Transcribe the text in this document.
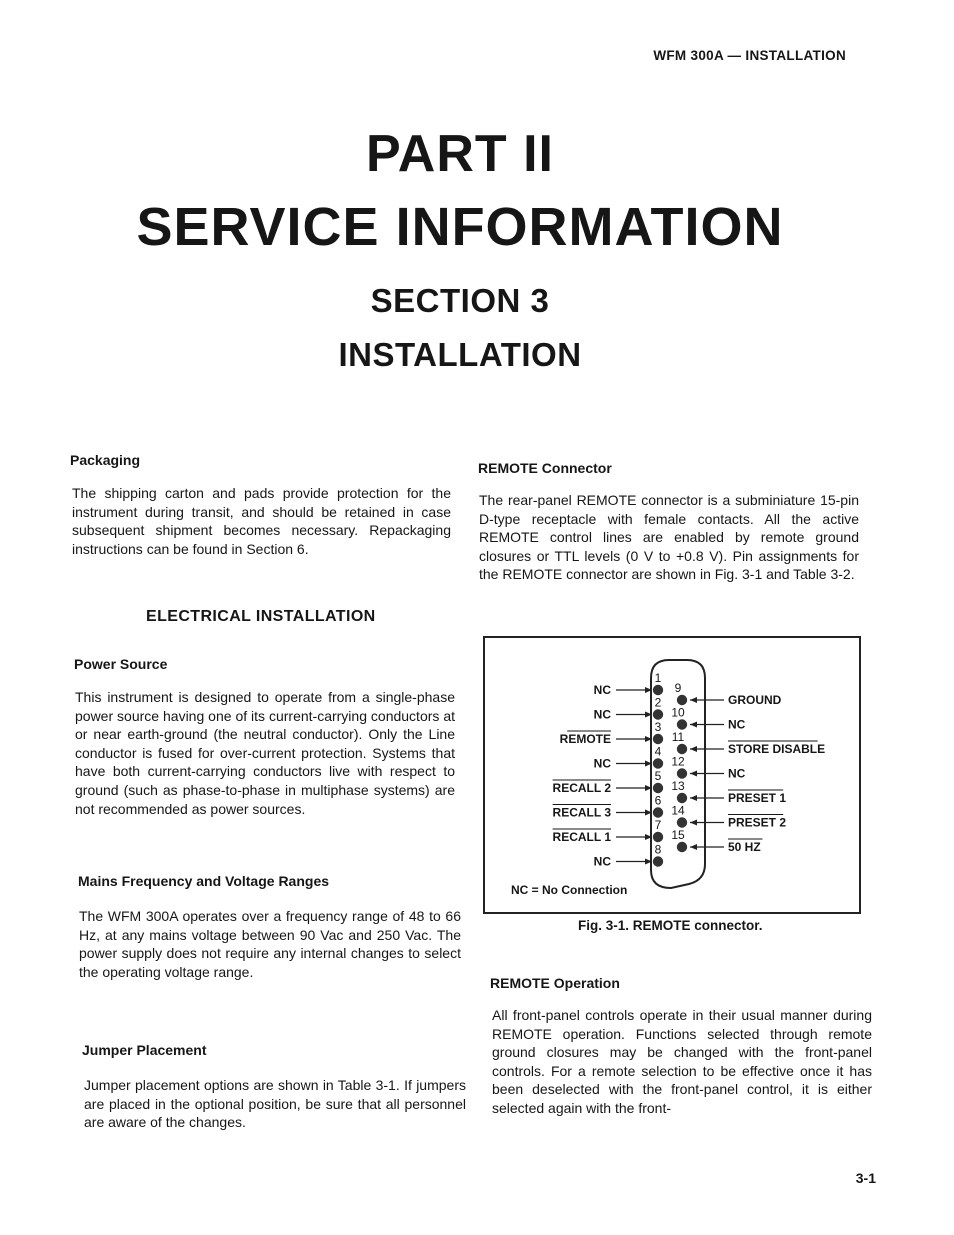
WFM 300A — INSTALLATION
PART II
SERVICE INFORMATION
SECTION 3
INSTALLATION
Packaging
The shipping carton and pads provide protection for the instrument during transit, and should be retained in case subsequent shipment becomes necessary. Repackaging instructions can be found in Section 6.
ELECTRICAL INSTALLATION
Power Source
This instrument is designed to operate from a single-phase power source having one of its current-carrying conductors at or near earth-ground (the neutral conductor). Only the Line conductor is fused for over-current protection. Systems that have both current-carrying conductors live with respect to ground (such as phase-to-phase in multiphase systems) are not recommended as power sources.
Mains Frequency and Voltage Ranges
The WFM 300A operates over a frequency range of 48 to 66 Hz, at any mains voltage between 90 Vac and 250 Vac. The power supply does not require any internal changes to select the operating voltage range.
Jumper Placement
Jumper placement options are shown in Table 3-1. If jumpers are placed in the optional position, be sure that all personnel are aware of the changes.
REMOTE Connector
The rear-panel REMOTE connector is a subminiature 15-pin D-type receptacle with female contacts. All the active REMOTE control lines are enabled by remote ground closures or TTL levels (0 V to +0.8 V). Pin assignments for the REMOTE connector are shown in Fig. 3-1 and Table 3-2.
NC
1
NC
2
REMOTE
3
NC
4
RECALL 2
5
RECALL 3
6
RECALL 1
7
NC
8
9
GROUND
10
NC
11
STORE DISABLE
12
NC
13
PRESET 1
14
PRESET 2
15
50 HZ
NC = No Connection
Fig. 3-1. REMOTE connector.
REMOTE Operation
All front-panel controls operate in their usual manner during REMOTE operation. Functions selected through remote ground closures may be changed with the front-panel controls. For a remote selection to be effective once it has been deselected with the front-panel control, it is either selected again with the front-
3-1
